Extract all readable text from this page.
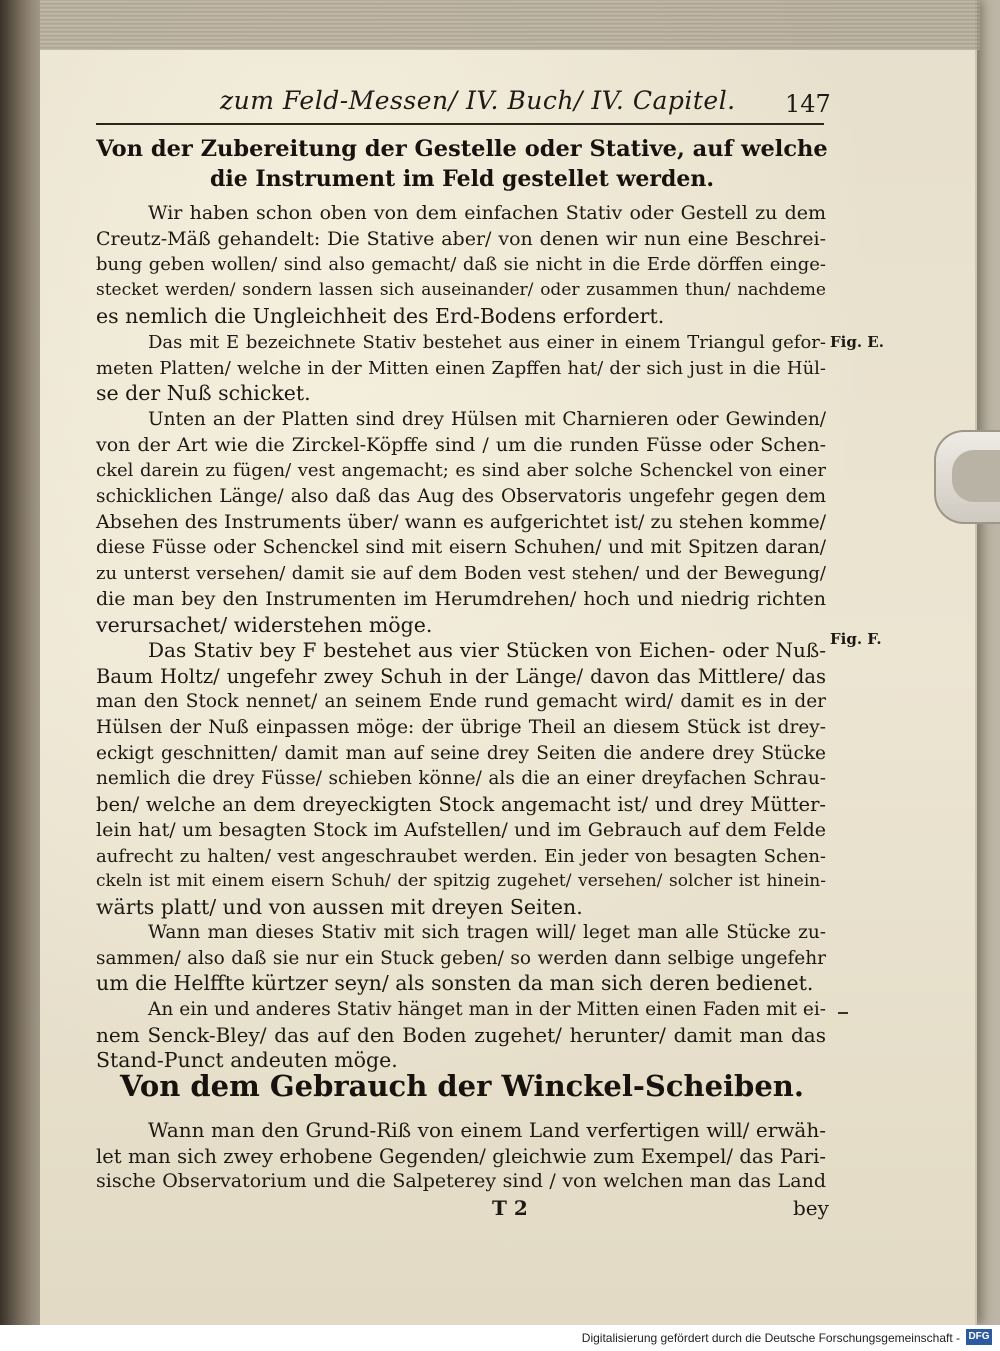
zum Feld-Messen/ IV. Buch/ IV. Capitel.	147
Von der Zubereitung der Gestelle oder Stative, auf welche
die Instrument im Feld gestellet werden.
Wir haben schon oben von dem einfachen Stativ oder Gestell zu dem
Creutz-Mäß gehandelt: Die Stative aber/ von denen wir nun eine Beschrei-
bung geben wollen/ sind also gemacht/ daß sie nicht in die Erde dörffen einge-
stecket werden/ sondern lassen sich auseinander/ oder zusammen thun/ nachdeme
es nemlich die Ungleichheit des Erd-Bodens erfordert.
Das mit E bezeichnete Stativ bestehet aus einer in einem Triangul gefor-
meten Platten/ welche in der Mitten einen Zapffen hat/ der sich just in die Hül-
se der Nuß schicket.
Fig. E.
Unten an der Platten sind drey Hülsen mit Charnieren oder Gewinden/
von der Art wie die Zirckel-Köpffe sind / um die runden Füsse oder Schen-
ckel darein zu fügen/ vest angemacht; es sind aber solche Schenckel von einer
schicklichen Länge/ also daß das Aug des Observatoris ungefehr gegen dem
Absehen des Instruments über/ wann es aufgerichtet ist/ zu stehen komme/
diese Füsse oder Schenckel sind mit eisern Schuhen/ und mit Spitzen daran/
zu unterst versehen/ damit sie auf dem Boden vest stehen/ und der Bewegung/
die man bey den Instrumenten im Herumdrehen/ hoch und niedrig richten
verursachet/ widerstehen möge.
Das Stativ bey F bestehet aus vier Stücken von Eichen- oder Nuß-
Baum Holtz/ ungefehr zwey Schuh in der Länge/ davon das Mittlere/ das
man den Stock nennet/ an seinem Ende rund gemacht wird/ damit es in der
Hülsen der Nuß einpassen möge: der übrige Theil an diesem Stück ist drey-
eckigt geschnitten/ damit man auf seine drey Seiten die andere drey Stücke
nemlich die drey Füsse/ schieben könne/ als die an einer dreyfachen Schrau-
ben/ welche an dem dreyeckigten Stock angemacht ist/ und drey Mütter-
lein hat/ um besagten Stock im Aufstellen/ und im Gebrauch auf dem Felde
aufrecht zu halten/ vest angeschraubet werden. Ein jeder von besagten Schen-
ckeln ist mit einem eisern Schuh/ der spitzig zugehet/ versehen/ solcher ist hinein-
wärts platt/ und von aussen mit dreyen Seiten.
Fig. F.
Wann man dieses Stativ mit sich tragen will/ leget man alle Stücke zu-
sammen/ also daß sie nur ein Stuck geben/ so werden dann selbige ungefehr
um die Helffte kürtzer seyn/ als sonsten da man sich deren bedienet.
An ein und anderes Stativ hänget man in der Mitten einen Faden mit ei-
nem Senck-Bley/ das auf den Boden zugehet/ herunter/ damit man das
Stand-Punct andeuten möge.
Von dem Gebrauch der Winckel-Scheiben.
Wann man den Grund-Riß von einem Land verfertigen will/ erwäh-
let man sich zwey erhobene Gegenden/ gleichwie zum Exempel/ das Pari-
sische Observatorium und die Salpeterey sind / von welchen man das Land
T 2	bey
Digitalisierung gefördert durch die Deutsche Forschungsgemeinschaft - DFG
